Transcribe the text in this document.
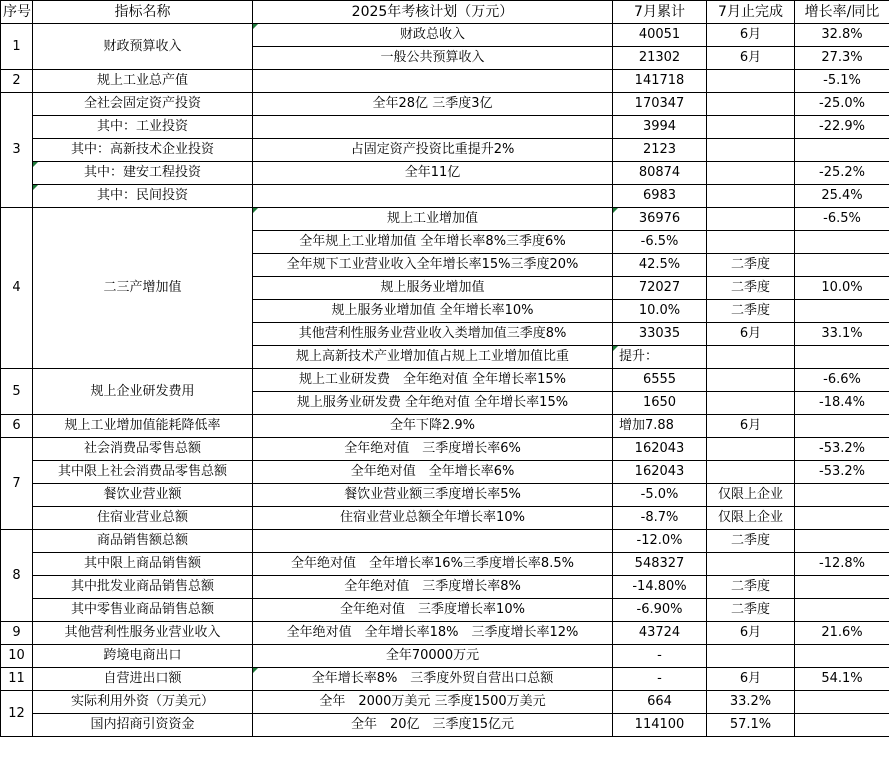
序号	指标名称	2025年考核计划（万元）	7月累计	7月止完成	增长率/同比
1	财政预算收入	财政总收入	40051	6月	32.8%
		一般公共预算收入	21302	6月	27.3%
2	规上工业总产值		141718		-5.1%
3	全社会固定资产投资	全年28亿 三季度3亿	170347		-25.0%
	其中：工业投资		3994		-22.9%
	其中：高新技术企业投资	占固定资产投资比重提升2%	2123		
	其中：建安工程投资	全年11亿	80874		-25.2%
	其中：民间投资		6983		25.4%
4	二三产增加值	规上工业增加值	36976		-6.5%
		全年规上工业增加值 全年增长率8%三季度6%	-6.5%		
		全年规下工业营业收入全年增长率15%三季度20%	42.5%	二季度	
		规上服务业增加值	72027	二季度	10.0%
		规上服务业增加值 全年增长率10%	10.0%	二季度	
		其他营利性服务业营业收入类增加值三季度8%	33035	6月	33.1%
		规上高新技术产业增加值占规上工业增加值比重	提升：		
5	规上企业研发费用	规上工业研发费　全年绝对值 全年增长率15%	6555		-6.6%
		规上服务业研发费 全年绝对值 全年增长率15%	1650		-18.4%
6	规上工业增加值能耗降低率	全年下降2.9%	增加7.88	6月	
7	社会消费品零售总额	全年绝对值　三季度增长率6%	162043		-53.2%
	其中限上社会消费品零售总额	全年绝对值　全年增长率6%	162043		-53.2%
	餐饮业营业额	餐饮业营业额三季度增长率5%	-5.0%	仅限上企业	
	住宿业营业总额	住宿业营业总额全年增长率10%	-8.7%	仅限上企业	
8	商品销售额总额		-12.0%	二季度	
	其中限上商品销售额	全年绝对值　全年增长率16%三季度增长率8.5%	548327		-12.8%
	其中批发业商品销售总额	全年绝对值　三季度增长率8%	-14.80%	二季度	
	其中零售业商品销售总额	全年绝对值　三季度增长率10%	-6.90%	二季度	
9	其他营利性服务业营业收入	全年绝对值　全年增长率18%　三季度增长率12%	43724	6月	21.6%
10	跨境电商出口	全年70000万元	-		
11	自营进出口额	全年增长率8%　三季度外贸自营出口总额	-	6月	54.1%
12	实际利用外资（万美元）	全年　2000万美元 三季度1500万美元	664	33.2%	
	国内招商引资资金	全年　20亿　三季度15亿元	114100	57.1%	
